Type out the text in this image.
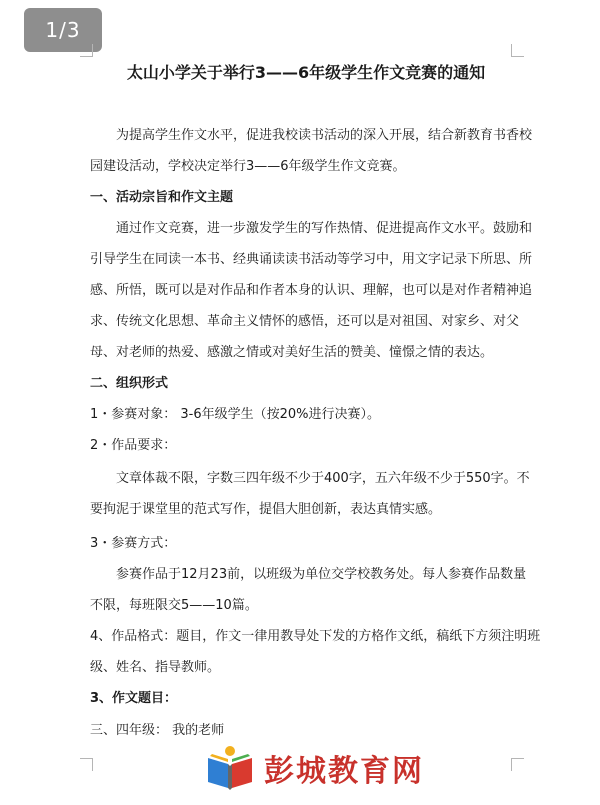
1/3
太山小学关于举行3——6年级学生作文竞赛的通知
为提高学生作文水平，促进我校读书活动的深入开展，结合新教育书香校
园建设活动，学校决定举行3——6年级学生作文竞赛。
一、活动宗旨和作文主题
通过作文竞赛，进一步激发学生的写作热情、促进提高作文水平。鼓励和
引导学生在同读一本书、经典诵读读书活动等学习中，用文字记录下所思、所
感、所悟，既可以是对作品和作者本身的认识、理解，也可以是对作者精神追
求、传统文化思想、革命主义情怀的感悟，还可以是对祖国、对家乡、对父
母、对老师的热爱、感激之情或对美好生活的赞美、憧憬之情的表达。
二、组织形式
1・参赛对象： 3-6年级学生（按20%进行决赛）。
2・作品要求：
文章体裁不限，字数三四年级不少于400字，五六年级不少于550字。不
要拘泥于课堂里的范式写作，提倡大胆创新，表达真情实感。
3・参赛方式：
参赛作品于12月23前，以班级为单位交学校教务处。每人参赛作品数量
不限，每班限交5——10篇。
4、作品格式：题目，作文一律用教导处下发的方格作文纸，稿纸下方须注明班
级、姓名、指导教师。
3、作文题目：
三、四年级： 我的老师
彭城教育网
